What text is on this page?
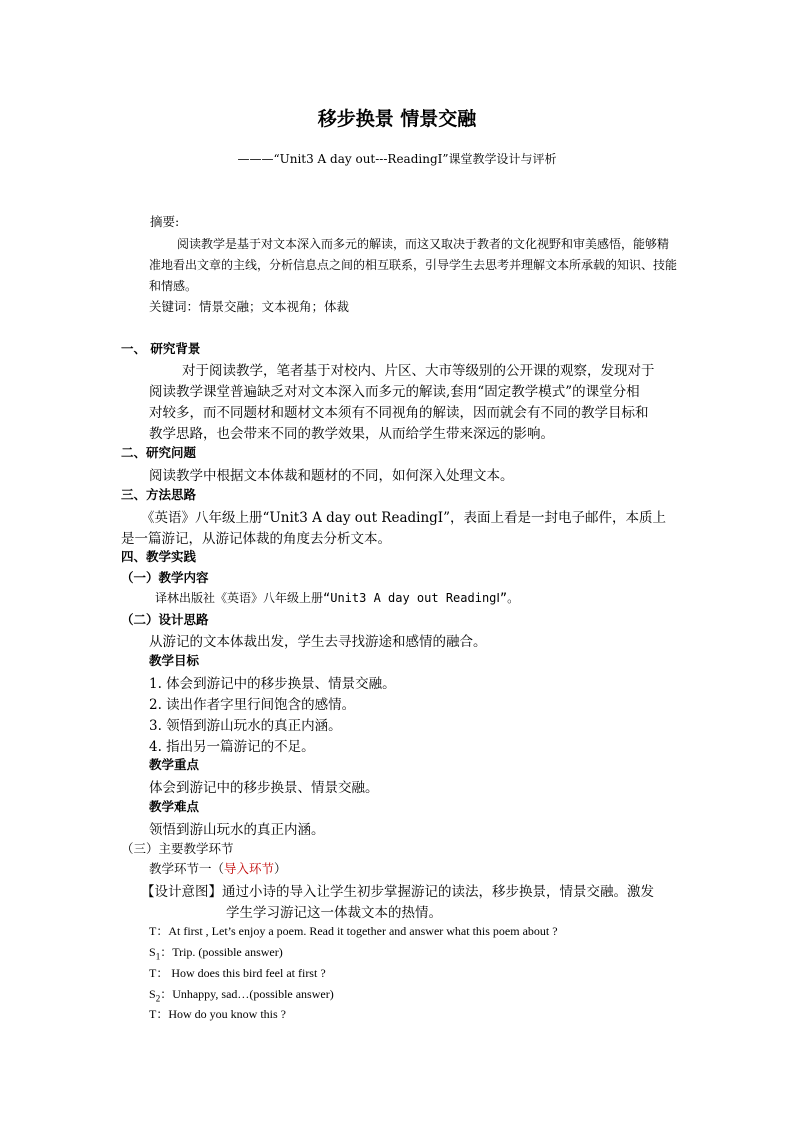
移步换景 情景交融
———“Unit3 A day out---ReadingⅠ”课堂教学设计与评析
摘要:
阅读教学是基于对文本深入而多元的解读，而这又取决于教者的文化视野和审美感悟，能够精
准地看出文章的主线，分析信息点之间的相互联系，引导学生去思考并理解文本所承载的知识、技能
和情感。
关键词：情景交融；文本视角；体裁
一、 研究背景
对于阅读教学，笔者基于对校内、片区、大市等级别的公开课的观察，发现对于
阅读教学课堂普遍缺乏对对文本深入而多元的解读,套用“固定教学模式”的课堂分相
对较多，而不同题材和题材文本须有不同视角的解读，因而就会有不同的教学目标和
教学思路，也会带来不同的教学效果，从而给学生带来深远的影响。
二、研究问题
阅读教学中根据文本体裁和题材的不同，如何深入处理文本。
三、方法思路
《英语》八年级上册“Unit3 A day out ReadingⅠ”，表面上看是一封电子邮件，本质上
是一篇游记，从游记体裁的角度去分析文本。
四、教学实践
（一）教学内容
译林出版社《英语》八年级上册“Unit3 A day out ReadingⅠ”。
（二）设计思路
从游记的文本体裁出发，学生去寻找游途和感情的融合。
教学目标
1. 体会到游记中的移步换景、情景交融。
2. 读出作者字里行间饱含的感情。
3. 领悟到游山玩水的真正内涵。
4. 指出另一篇游记的不足。
教学重点
体会到游记中的移步换景、情景交融。
教学难点
领悟到游山玩水的真正内涵。
（三）主要教学环节
教学环节一（导入环节）
【设计意图】通过小诗的导入让学生初步掌握游记的读法，移步换景，情景交融。激发
学生学习游记这一体裁文本的热情。
T：At first , Let’s enjoy a poem. Read it together and answer what this poem about ?
$S_1$：Trip. (possible answer)
T： How does this bird feel at first ?
$S_2$：Unhappy, sad…(possible answer)
T：How do you know this ?
